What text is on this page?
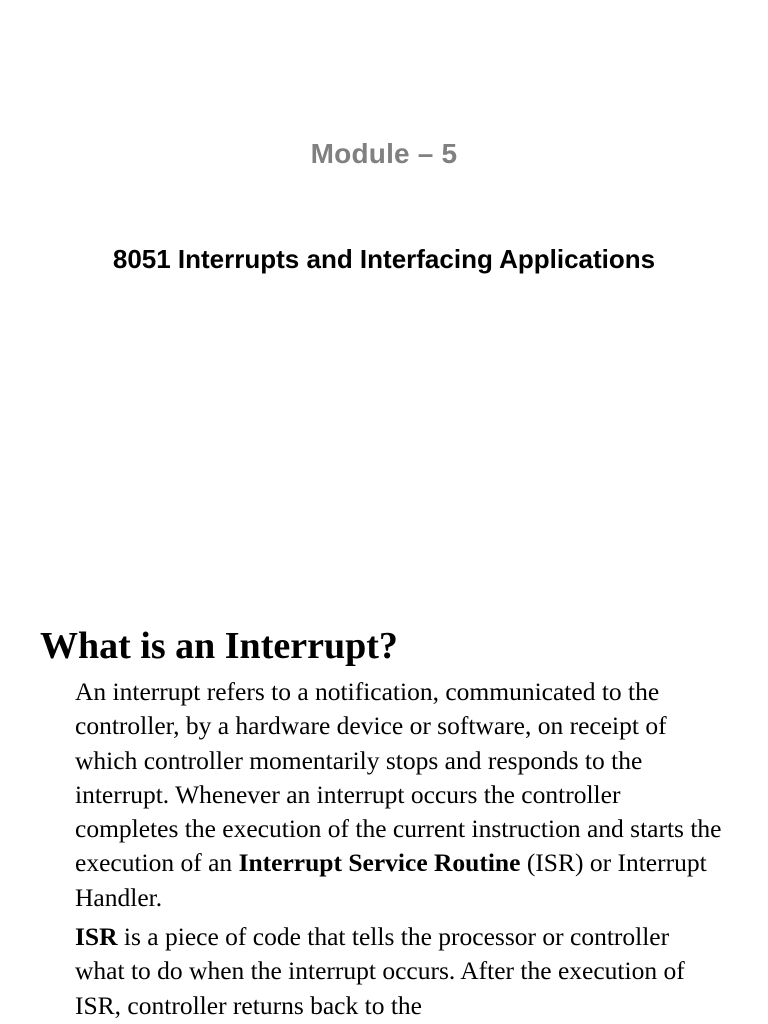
Module – 5
8051 Interrupts and Interfacing Applications
What is an Interrupt?

An interrupt refers to a notification, communicated to the controller, by a hardware device or software, on receipt of which controller momentarily stops and responds to the interrupt. Whenever an interrupt occurs the controller completes the execution of the current instruction and starts the execution of an Interrupt Service Routine (ISR) or Interrupt Handler.

ISR is a piece of code that tells the processor or controller what to do when the interrupt occurs. After the execution of ISR, controller returns back to the
